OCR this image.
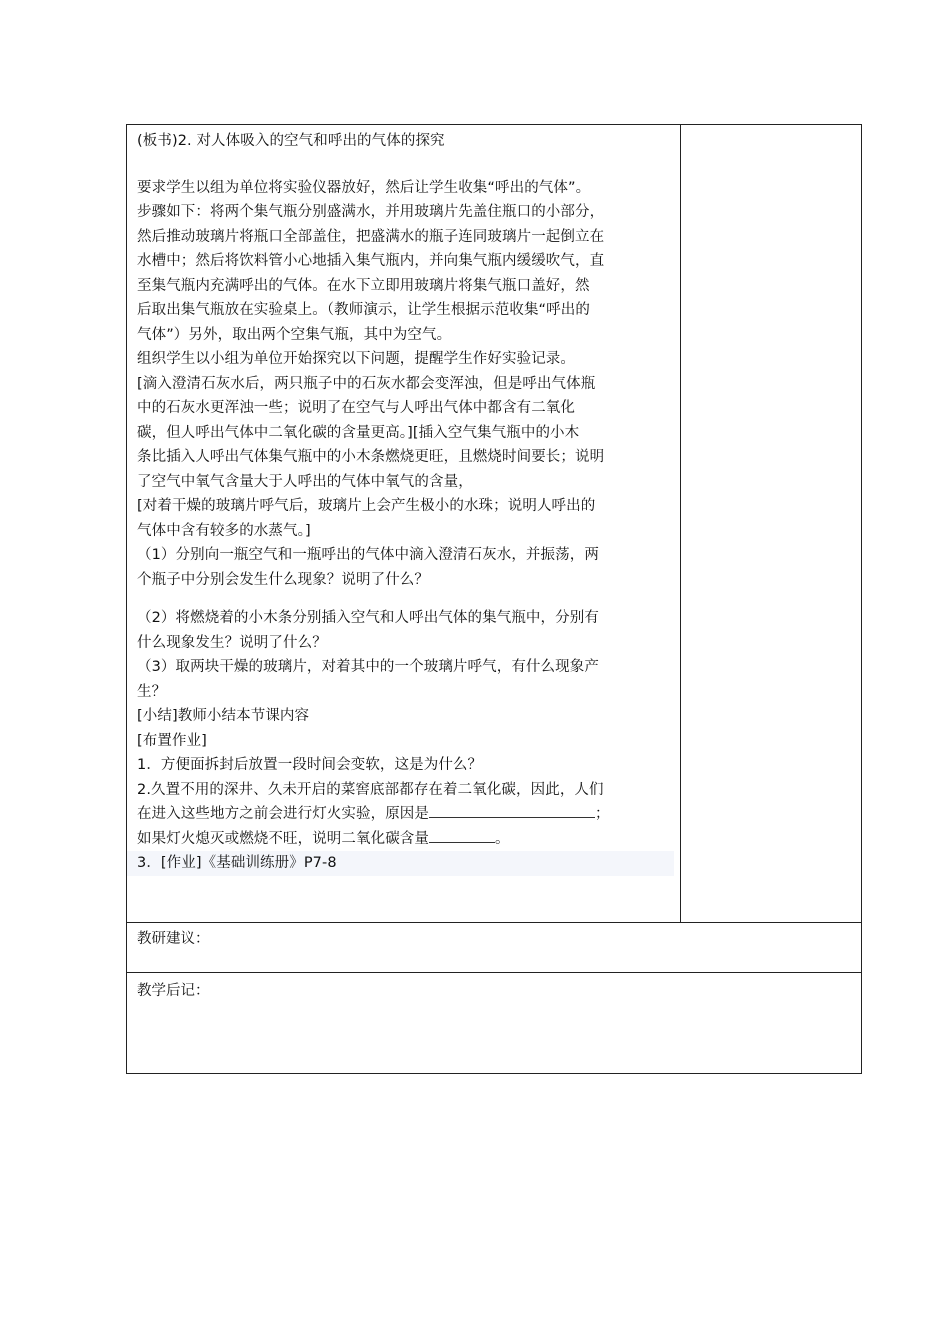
(板书)2. 对人体吸入的空气和呼出的气体的探究
要求学生以组为单位将实验仪器放好，然后让学生收集“呼出的气体”。
步骤如下：将两个集气瓶分别盛满水，并用玻璃片先盖住瓶口的小部分，
然后推动玻璃片将瓶口全部盖住，把盛满水的瓶子连同玻璃片一起倒立在
水槽中；然后将饮料管小心地插入集气瓶内，并向集气瓶内缓缓吹气，直
至集气瓶内充满呼出的气体。在水下立即用玻璃片将集气瓶口盖好，然
后取出集气瓶放在实验桌上。（教师演示，让学生根据示范收集“呼出的
气体”）另外，取出两个空集气瓶，其中为空气。
组织学生以小组为单位开始探究以下问题，提醒学生作好实验记录。
[滴入澄清石灰水后，两只瓶子中的石灰水都会变浑浊，但是呼出气体瓶
中的石灰水更浑浊一些；说明了在空气与人呼出气体中都含有二氧化
碳，但人呼出气体中二氧化碳的含量更高。][插入空气集气瓶中的小木
条比插入人呼出气体集气瓶中的小木条燃烧更旺，且燃烧时间要长；说明
了空气中氧气含量大于人呼出的气体中氧气的含量，
[对着干燥的玻璃片呼气后，玻璃片上会产生极小的水珠；说明人呼出的
气体中含有较多的水蒸气。]
（1）分别向一瓶空气和一瓶呼出的气体中滴入澄清石灰水，并振荡，两
个瓶子中分别会发生什么现象？说明了什么？
（2）将燃烧着的小木条分别插入空气和人呼出气体的集气瓶中，分别有
什么现象发生？说明了什么？
（3）取两块干燥的玻璃片，对着其中的一个玻璃片呼气，有什么现象产
生？
[小结]教师小结本节课内容
[布置作业]
1．方便面拆封后放置一段时间会变软，这是为什么？
2.久置不用的深井、久未开启的菜窖底部都存在着二氧化碳，因此，人们
在进入这些地方之前会进行灯火实验，原因是	；
如果灯火熄灭或燃烧不旺，说明二氧化碳含量	。
3．[作业]《基础训练册》P7-8
教研建议：
教学后记：
